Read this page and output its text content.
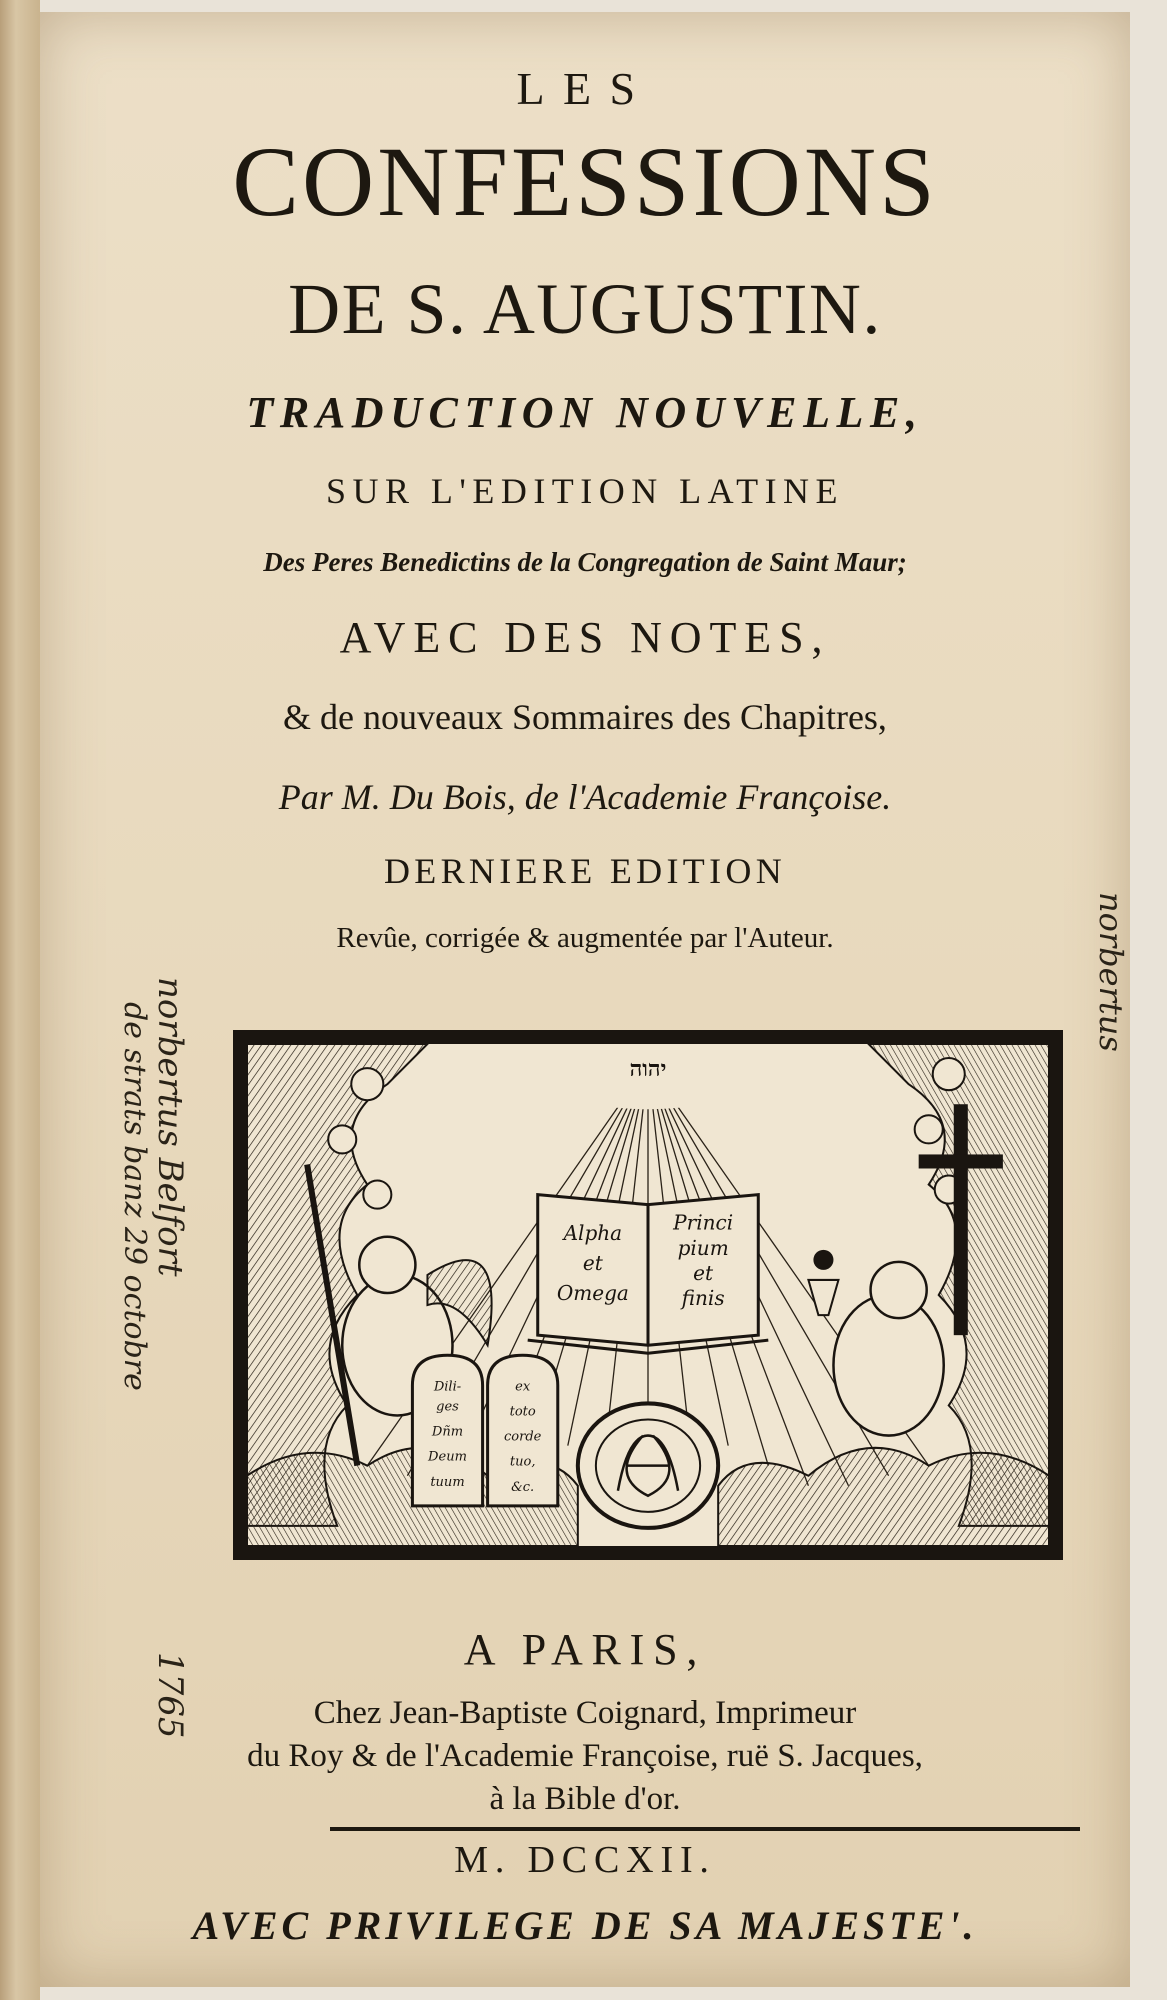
LES
CONFESSIONS
DE S. AUGUSTIN.
TRADUCTION NOUVELLE,
SUR L'EDITION LATINE
Des Peres Benedictins de la Congregation de Saint Maur;
AVEC DES NOTES,
& de nouveaux Sommaires des Chapitres,
Par M. Du Bois, de l'Academie Françoise.
DERNIERE EDITION
Revûe, corrigée & augmentée par l'Auteur.
יהוה
Alpha
et
Omega
Princi
pium
et
finis
Dili-
ges
Dñm
Deum
tuum
ex
toto
corde
tuo,
&c.
A PARIS,
Chez Jean-Baptiste Coignard, Imprimeur
du Roy & de l'Academie Françoise, ruë S. Jacques,
à la Bible d'or.
M. DCCXII.
AVEC PRIVILEGE DE SA MAJESTE'.
norbertus Belfort
de strats banz 29 octobre
1765
norbertus
